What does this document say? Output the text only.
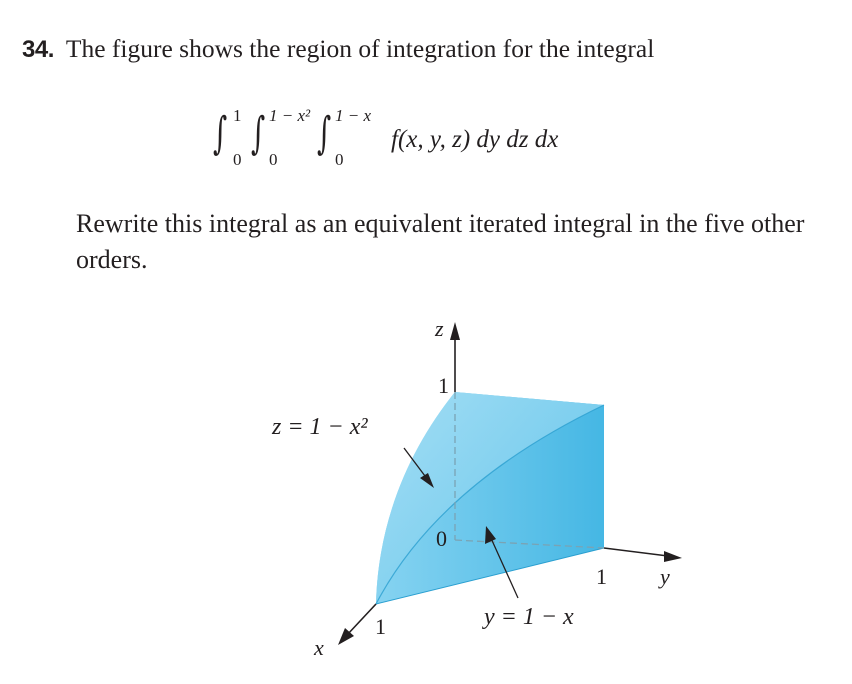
34. The figure shows the region of integration for the integral
∫ 1
0
∫ 1 − x²
0
∫ 1 − x
0
f(x, y, z) dy dz dx
Rewrite this integral as an equivalent iterated integral in the five other orders.
z
1
0
1 y
1
x
z = 1 − x²
y = 1 − x
